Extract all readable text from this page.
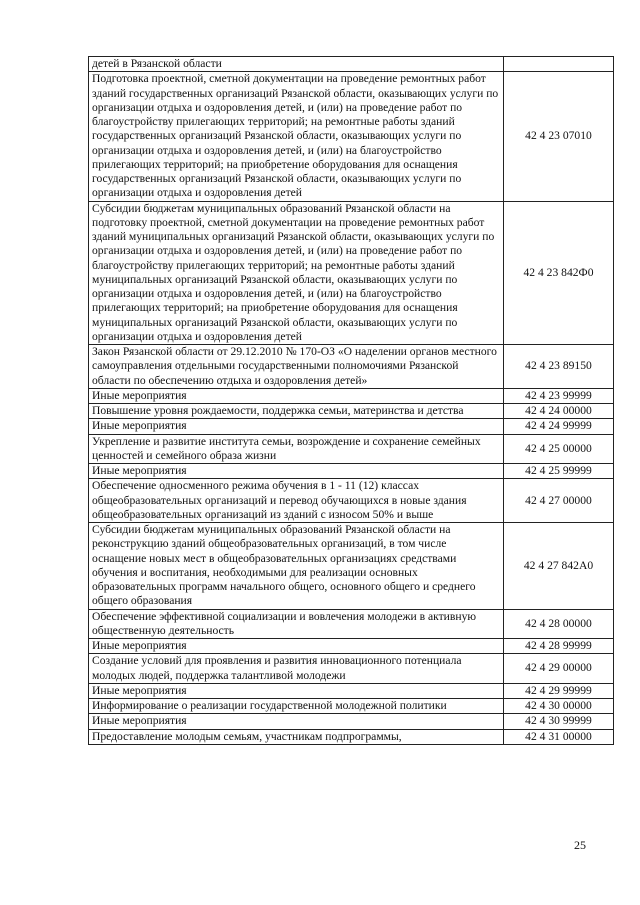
детей в Рязанской области	
Подготовка проектной, сметной документации на проведение ремонтных работ зданий государственных организаций Рязанской области, оказывающих услуги по организации отдыха и оздоровления детей, и (или) на проведение работ по благоустройству прилегающих территорий; на ремонтные работы зданий государственных организаций Рязанской области, оказывающих услуги по организации отдыха и оздоровления детей, и (или) на благоустройство прилегающих территорий; на приобретение оборудования для оснащения государственных организаций Рязанской области, оказывающих услуги по организации отдыха и оздоровления детей	42 4 23 07010
Субсидии бюджетам муниципальных образований Рязанской области на подготовку проектной, сметной документации на проведение ремонтных работ зданий муниципальных организаций Рязанской области, оказывающих услуги по организации отдыха и оздоровления детей, и (или) на проведение работ по благоустройству прилегающих территорий; на ремонтные работы зданий муниципальных организаций Рязанской области, оказывающих услуги по организации отдыха и оздоровления детей, и (или) на благоустройство прилегающих территорий; на приобретение оборудования для оснащения муниципальных организаций Рязанской области, оказывающих услуги по организации отдыха и оздоровления детей	42 4 23 842Ф0
Закон Рязанской области от 29.12.2010 № 170-ОЗ «О наделении органов местного самоуправления отдельными государственными полномочиями Рязанской области по обеспечению отдыха и оздоровления детей»	42 4 23 89150
Иные мероприятия	42 4 23 99999
Повышение уровня рождаемости, поддержка семьи, материнства и детства	42 4 24 00000
Иные мероприятия	42 4 24 99999
Укрепление и развитие института семьи, возрождение и сохранение семейных ценностей и семейного образа жизни	42 4 25 00000
Иные мероприятия	42 4 25 99999
Обеспечение односменного режима обучения в 1 - 11 (12) классах общеобразовательных организаций и перевод обучающихся в новые здания общеобразовательных организаций из зданий с износом 50% и выше	42 4 27 00000
Субсидии бюджетам муниципальных образований Рязанской области на реконструкцию зданий общеобразовательных организаций, в том числе оснащение новых мест в общеобразовательных организациях средствами обучения и воспитания, необходимыми для реализации основных образовательных программ начального общего, основного общего и среднего общего образования	42 4 27 842А0
Обеспечение эффективной социализации и вовлечения молодежи в активную общественную деятельность	42 4 28 00000
Иные мероприятия	42 4 28 99999
Создание условий для проявления и развития инновационного потенциала молодых людей, поддержка талантливой молодежи	42 4 29 00000
Иные мероприятия	42 4 29 99999
Информирование о реализации государственной молодежной политики	42 4 30 00000
Иные мероприятия	42 4 30 99999
Предоставление молодым семьям, участникам подпрограммы,	42 4 31 00000
25
